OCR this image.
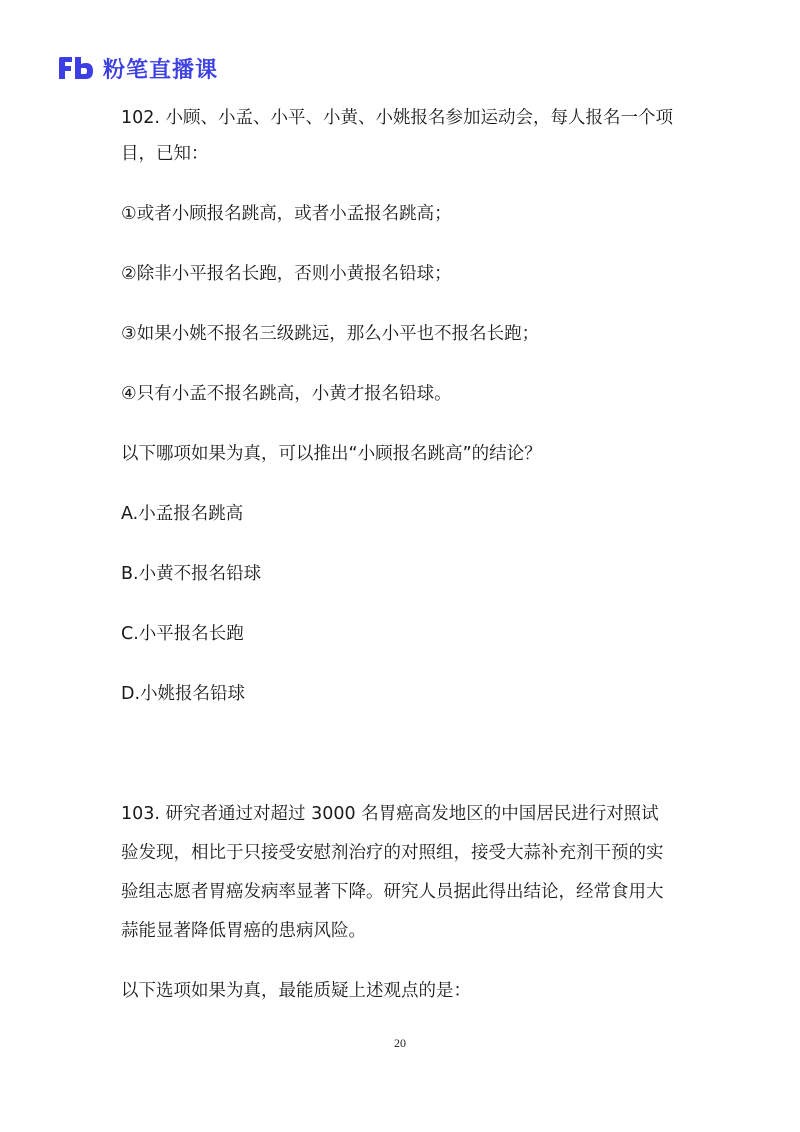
粉笔直播课
102. 小顾、小孟、小平、小黄、小姚报名参加运动会，每人报名一个项
目，已知：
①或者小顾报名跳高，或者小孟报名跳高；
②除非小平报名长跑，否则小黄报名铅球；
③如果小姚不报名三级跳远，那么小平也不报名长跑；
④只有小孟不报名跳高，小黄才报名铅球。
以下哪项如果为真，可以推出“小顾报名跳高”的结论？
A.小孟报名跳高
B.小黄不报名铅球
C.小平报名长跑
D.小姚报名铅球
103. 研究者通过对超过 3000 名胃癌高发地区的中国居民进行对照试
验发现，相比于只接受安慰剂治疗的对照组，接受大蒜补充剂干预的实
验组志愿者胃癌发病率显著下降。研究人员据此得出结论，经常食用大
蒜能显著降低胃癌的患病风险。
以下选项如果为真，最能质疑上述观点的是：
20
